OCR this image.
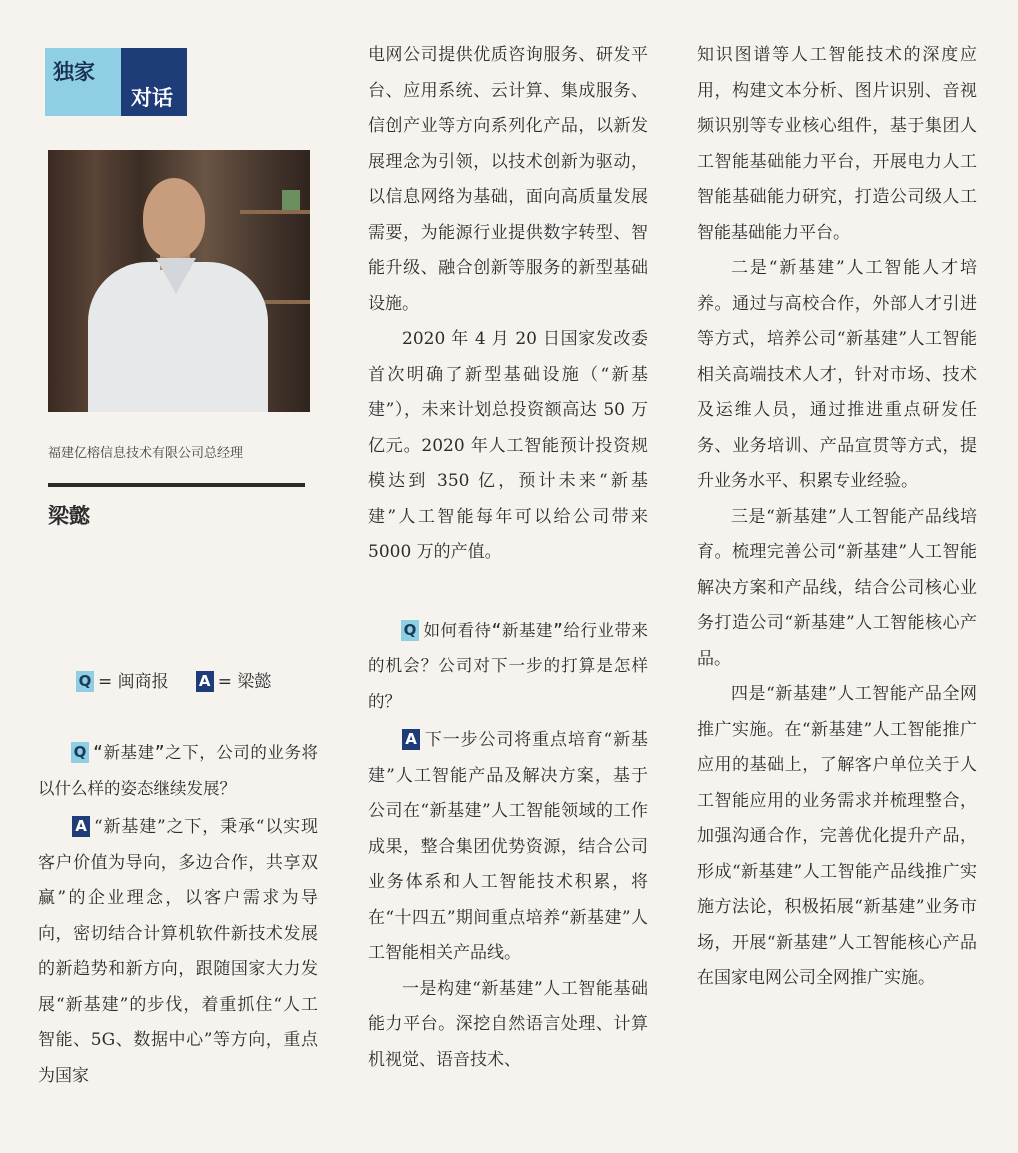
独家
对话
福建亿榕信息技术有限公司总经理
梁懿
Q = 闽商报 A = 梁懿

Q “新基建”之下，公司的业务将以什么样的姿态继续发展？

A “新基建”之下，秉承“以实现客户价值为导向，多边合作，共享双赢”的企业理念，以客户需求为导向，密切结合计算机软件新技术发展的新趋势和新方向，跟随国家大力发展“新基建”的步伐，着重抓住“人工智能、5G、数据中心”等方向，重点为国家

电网公司提供优质咨询服务、研发平台、应用系统、云计算、集成服务、信创产业等方向系列化产品，以新发展理念为引领，以技术创新为驱动，以信息网络为基础，面向高质量发展需要，为能源行业提供数字转型、智能升级、融合创新等服务的新型基础设施。

2020 年 4 月 20 日国家发改委首次明确了新型基础设施（“新基建”），未来计划总投资额高达 50 万亿元。2020 年人工智能预计投资规模达到 350 亿，预计未来“新基建”人工智能每年可以给公司带来 5000 万的产值。

Q 如何看待“新基建”给行业带来的机会？公司对下一步的打算是怎样的？

A 下一步公司将重点培育“新基建”人工智能产品及解决方案，基于公司在“新基建”人工智能领域的工作成果，整合集团优势资源，结合公司业务体系和人工智能技术积累，将在“十四五”期间重点培养“新基建”人工智能相关产品线。

一是构建“新基建”人工智能基础能力平台。深挖自然语言处理、计算机视觉、语音技术、

知识图谱等人工智能技术的深度应用，构建文本分析、图片识别、音视频识别等专业核心组件，基于集团人工智能基础能力平台，开展电力人工智能基础能力研究，打造公司级人工智能基础能力平台。

二是“新基建”人工智能人才培养。通过与高校合作，外部人才引进等方式，培养公司“新基建”人工智能相关高端技术人才，针对市场、技术及运维人员，通过推进重点研发任务、业务培训、产品宣贯等方式，提升业务水平、积累专业经验。

三是“新基建”人工智能产品线培育。梳理完善公司“新基建”人工智能解决方案和产品线，结合公司核心业务打造公司“新基建”人工智能核心产品。

四是“新基建”人工智能产品全网推广实施。在“新基建”人工智能推广应用的基础上，了解客户单位关于人工智能应用的业务需求并梳理整合，加强沟通合作，完善优化提升产品，形成“新基建”人工智能产品线推广实施方法论，积极拓展“新基建”业务市场，开展“新基建”人工智能核心产品在国家电网公司全网推广实施。
